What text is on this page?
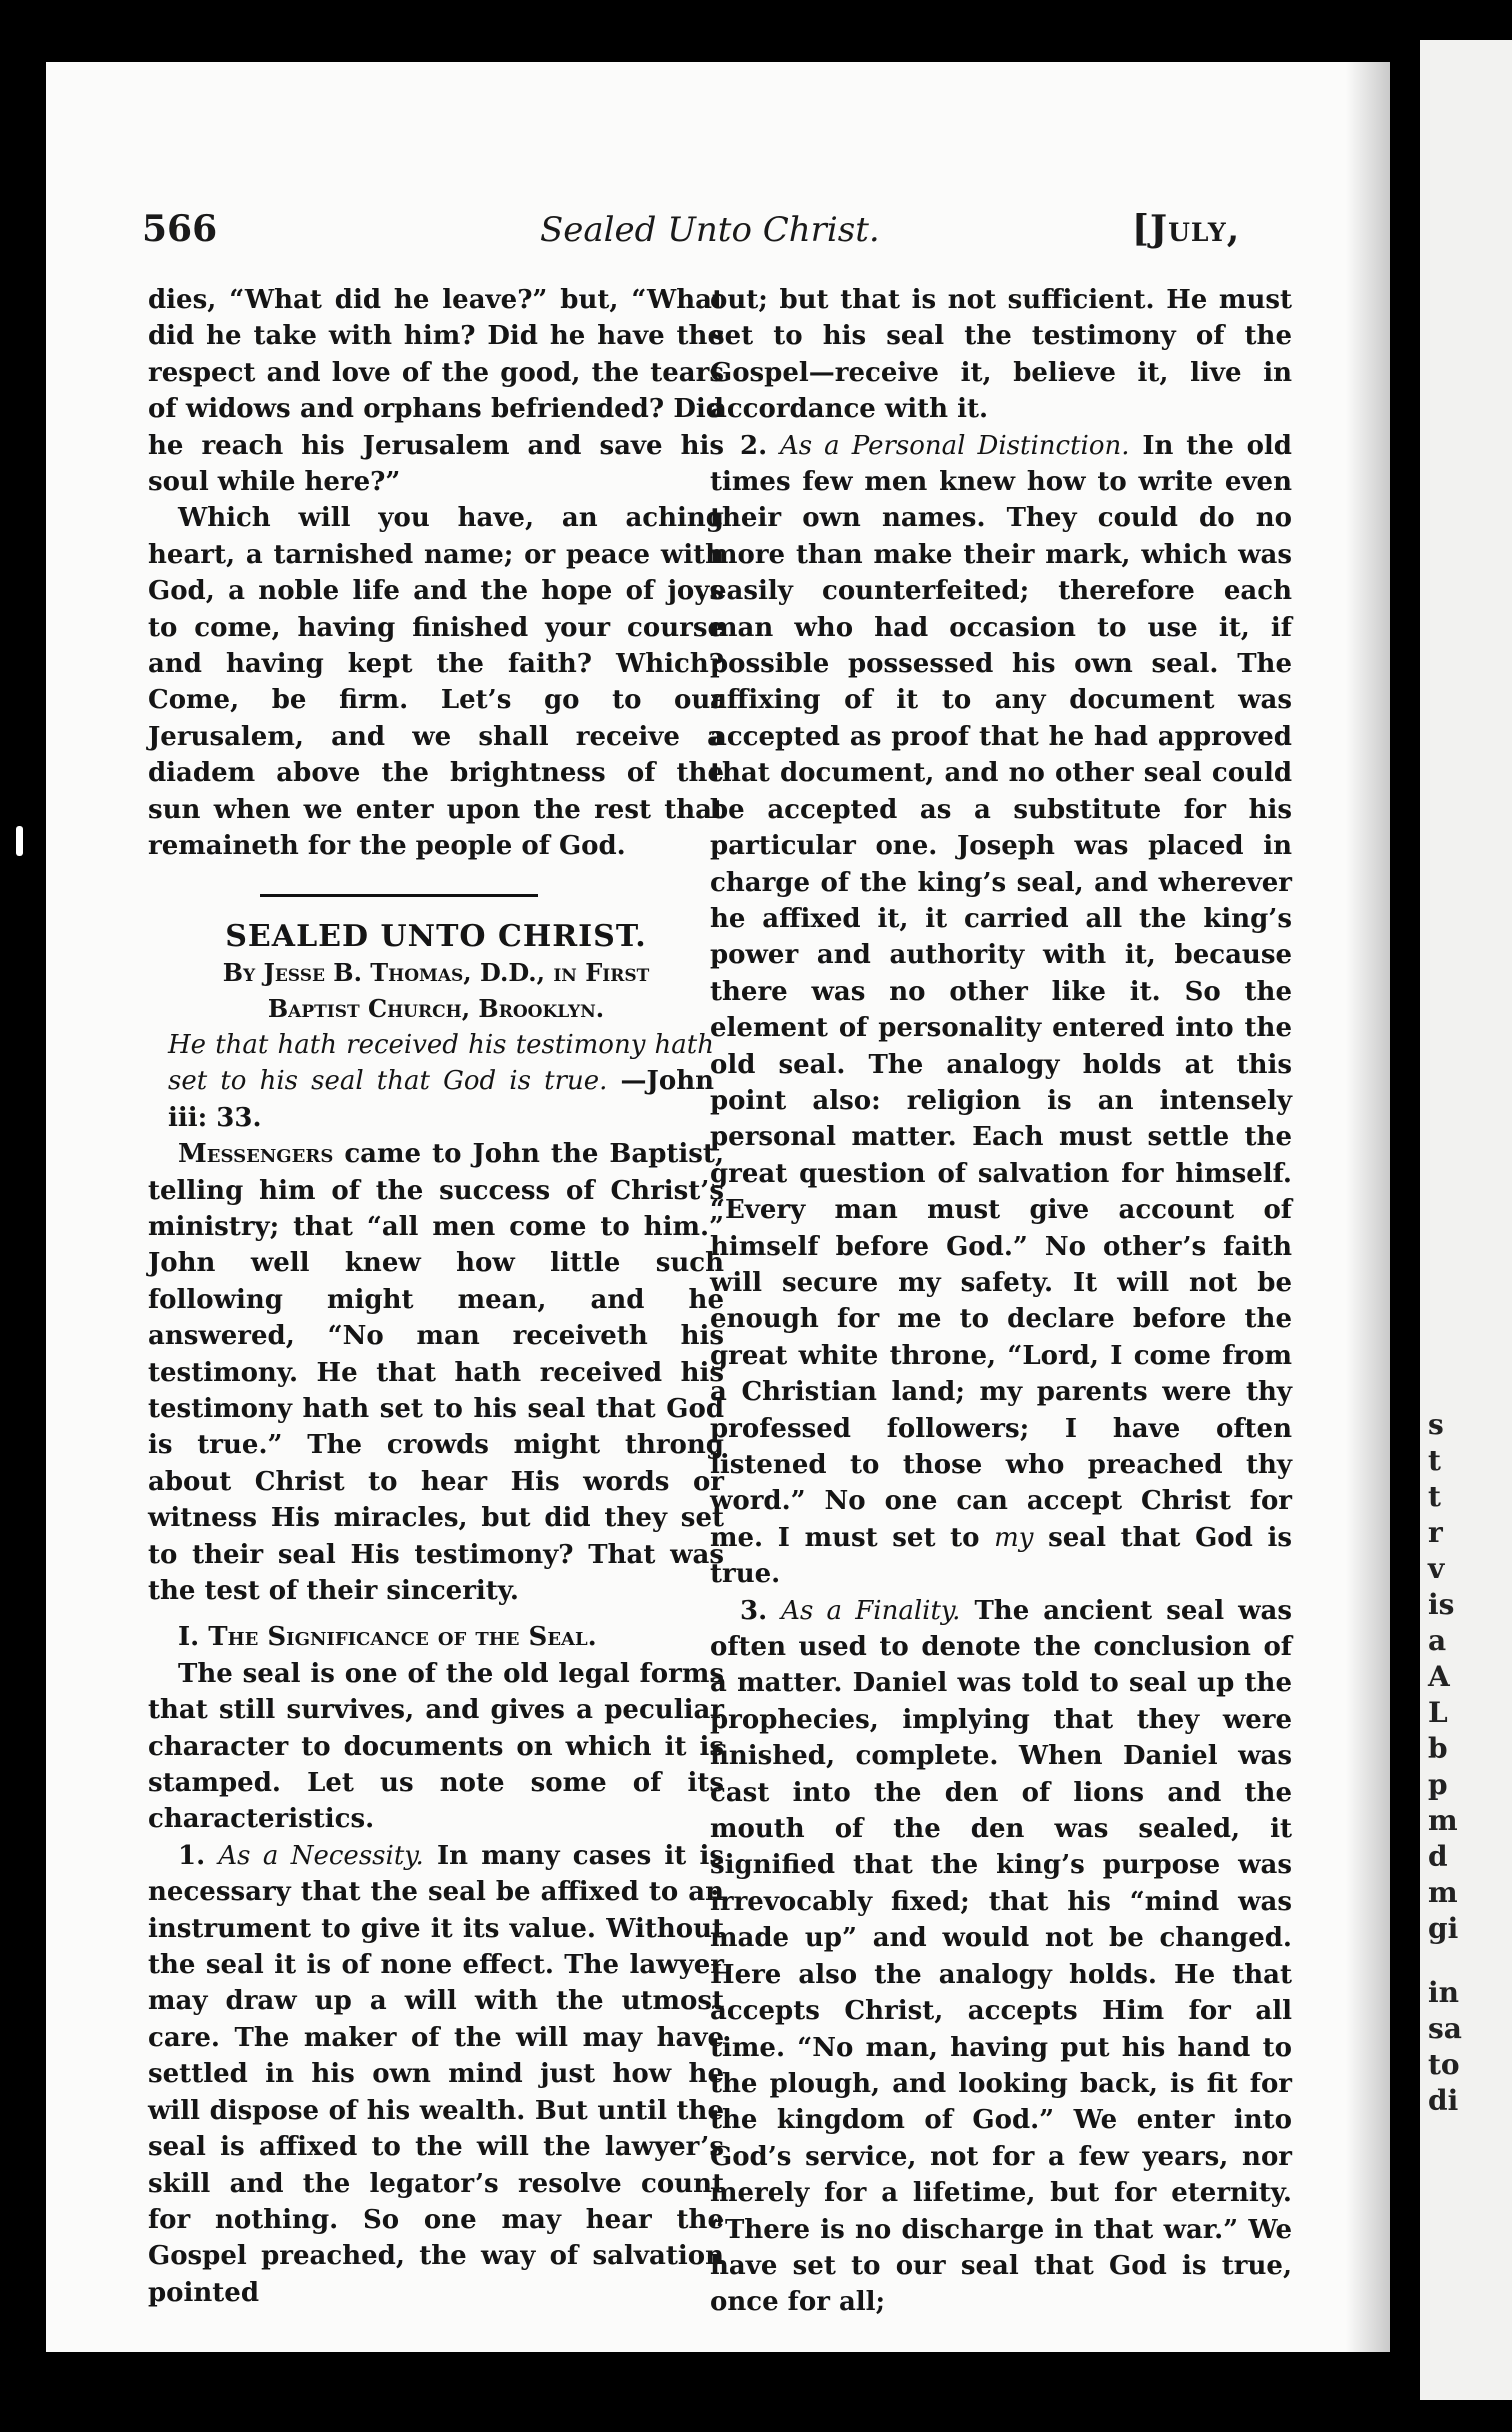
s
t
t
r
v
is
a
A
L
b
p
m
d
m
gi
in
sa
to
di
566	Sealed Unto Christ.	[July,

dies, “What did he leave?” but, “What did he take with him? Did he have the respect and love of the good, the tears of widows and orphans befriended? Did he reach his Jerusalem and save his soul while here?”

Which will you have, an aching heart, a tarnished name; or peace with God, a noble life and the hope of joys to come, having finished your course and having kept the faith? Which? Come, be firm. Let’s go to our Jerusalem, and we shall receive a diadem above the brightness of the sun when we enter upon the rest that remaineth for the people of God.

SEALED UNTO CHRIST.

By Jesse B. Thomas, D.D., in First

Baptist Church, Brooklyn.

He that hath received his testimony hath set to his seal that God is true. —John iii: 33.

Messengers came to John the Baptist, telling him of the success of Christ’s ministry; that “all men come to him.” John well knew how little such following might mean, and he answered, “No man receiveth his testimony. He that hath received his testimony hath set to his seal that God is true.” The crowds might throng about Christ to hear His words or witness His miracles, but did they set to their seal His testimony? That was the test of their sincerity.

I. The Significance of the Seal.

The seal is one of the old legal forms that still survives, and gives a peculiar character to documents on which it is stamped. Let us note some of its characteristics.

1. As a Necessity. In many cases it is necessary that the seal be affixed to an instrument to give it its value. Without the seal it is of none effect. The lawyer may draw up a will with the utmost care. The maker of the will may have settled in his own mind just how he will dispose of his wealth. But until the seal is affixed to the will the lawyer’s skill and the legator’s resolve count for nothing. So one may hear the Gospel preached, the way of salvation pointed

out; but that is not sufficient. He must set to his seal the testimony of the Gospel—receive it, believe it, live in accordance with it.

2. As a Personal Distinction. In the old times few men knew how to write even their own names. They could do no more than make their mark, which was easily counterfeited; therefore each man who had occasion to use it, if possible possessed his own seal. The affixing of it to any document was accepted as proof that he had approved that document, and no other seal could be accepted as a substitute for his particular one. Joseph was placed in charge of the king’s seal, and wherever he affixed it, it carried all the king’s power and authority with it, because there was no other like it. So the element of personality entered into the old seal. The analogy holds at this point also: religion is an intensely personal matter. Each must settle the great question of salvation for himself. “Every man must give account of himself before God.” No other’s faith will secure my safety. It will not be enough for me to declare before the great white throne, “Lord, I come from a Christian land; my parents were thy professed followers; I have often listened to those who preached thy word.” No one can accept Christ for me. I must set to my seal that God is true.

3. As a Finality. The ancient seal was often used to denote the conclusion of a matter. Daniel was told to seal up the prophecies, implying that they were finished, complete. When Daniel was cast into the den of lions and the mouth of the den was sealed, it signified that the king’s purpose was irrevocably fixed; that his “mind was made up” and would not be changed. Here also the analogy holds. He that accepts Christ, accepts Him for all time. “No man, having put his hand to the plough, and looking back, is fit for the kingdom of God.” We enter into God’s service, not for a few years, nor merely for a lifetime, but for eternity. “There is no discharge in that war.” We have set to our seal that God is true, once for all;
